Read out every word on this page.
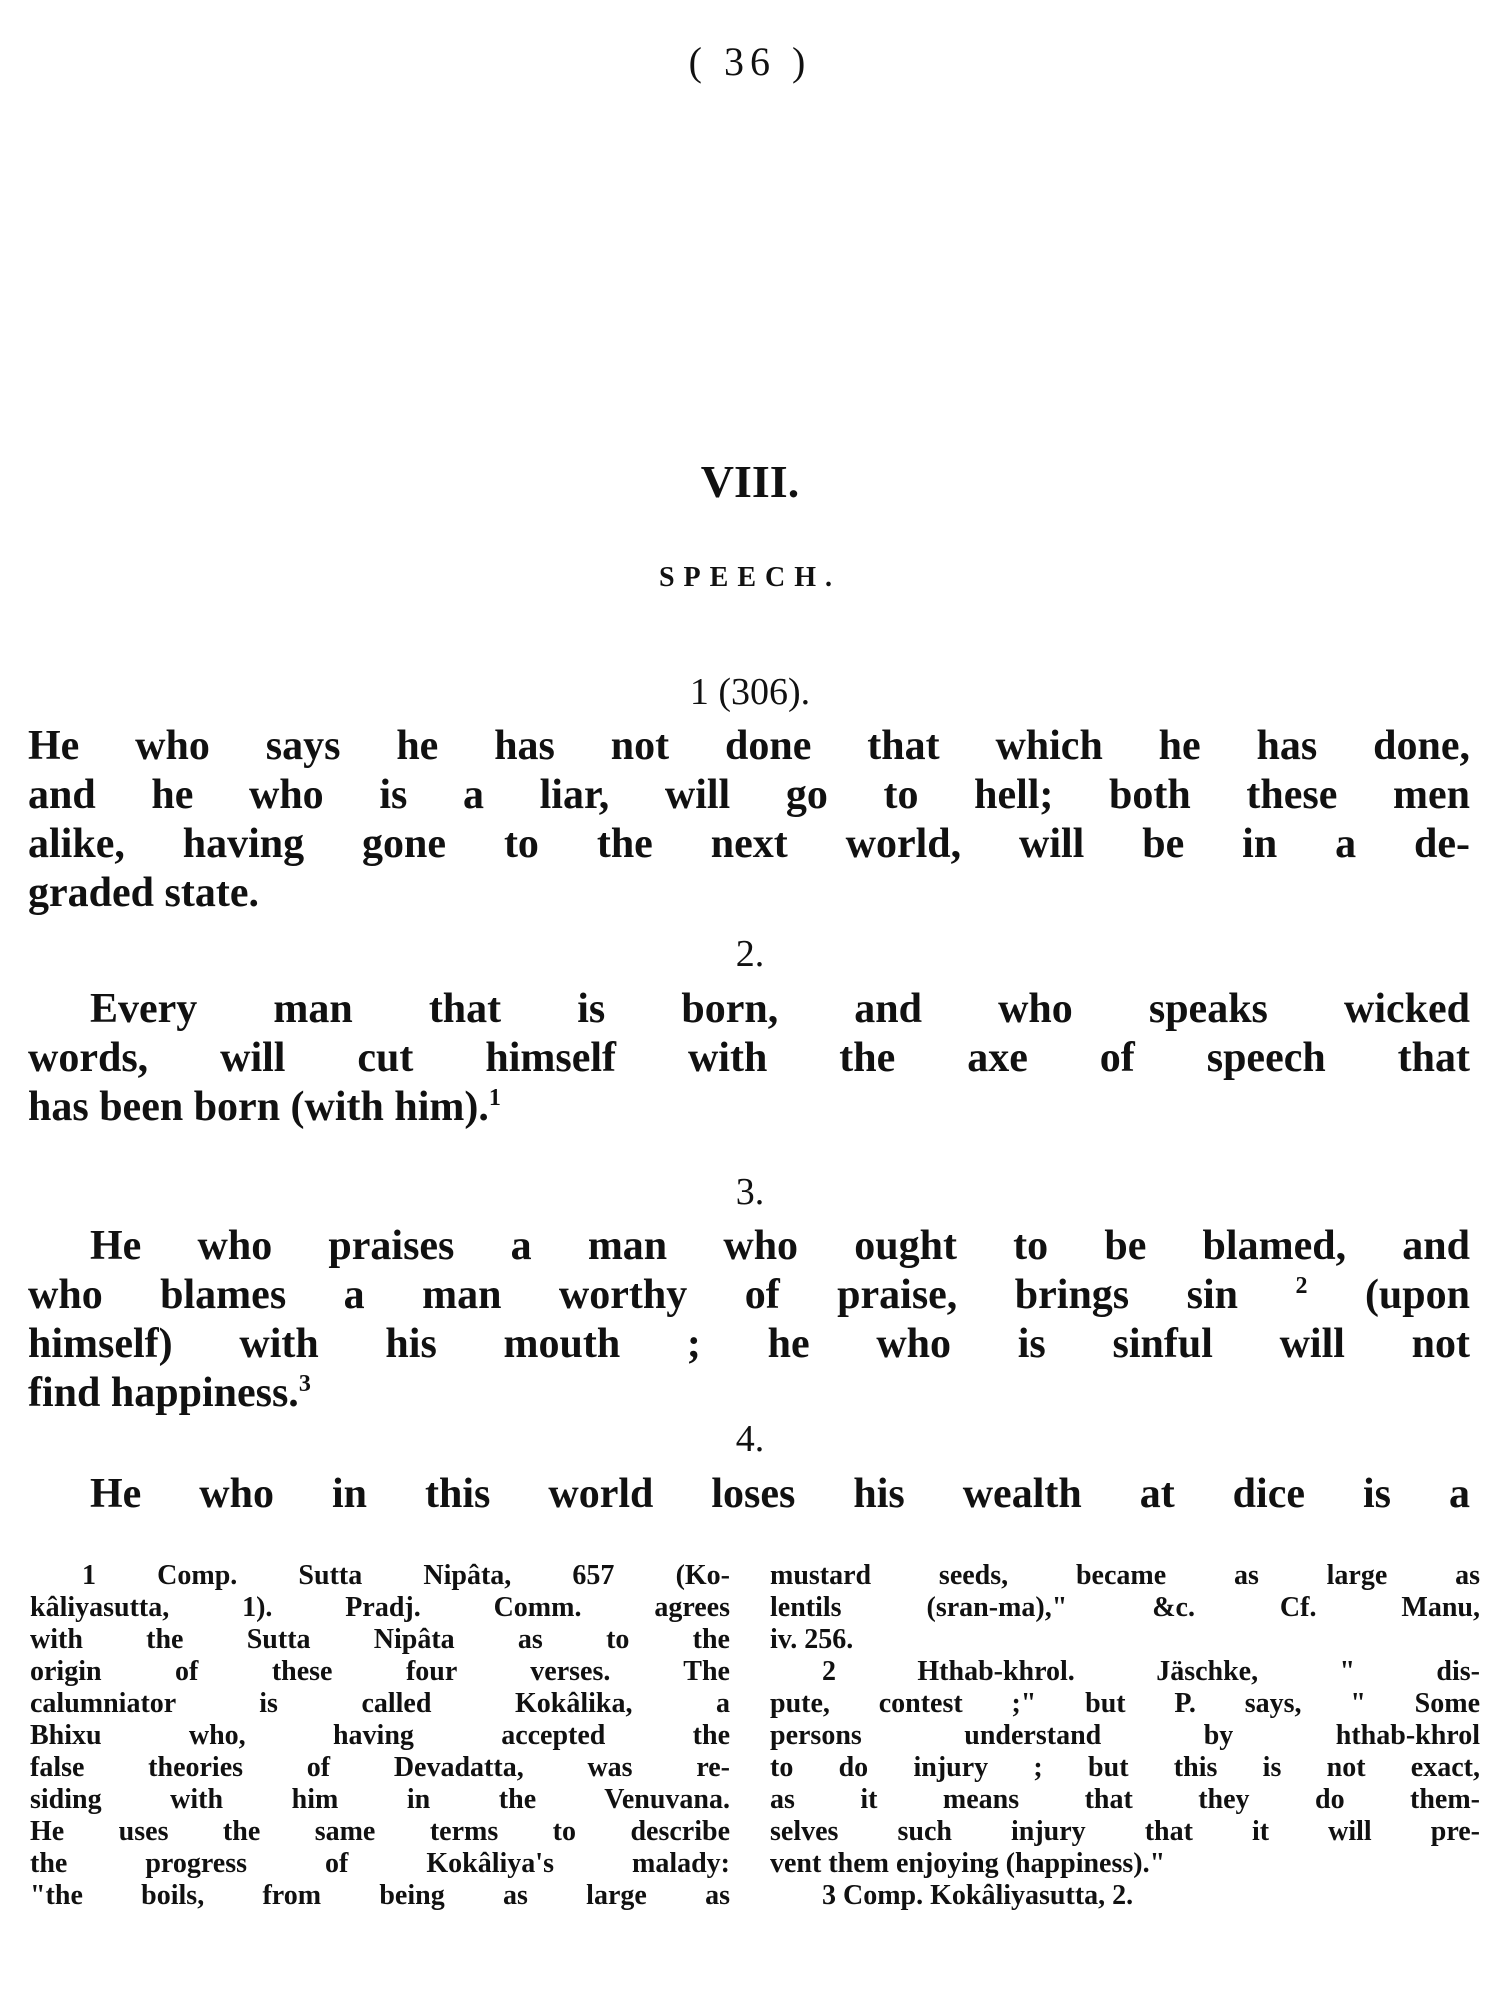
( 36 )
VIII.
SPEECH.
1 (306).

He who says he has not done that which he has done,

and he who is a liar, will go to hell; both these men

alike, having gone to the next world, will be in a de-

graded state.

2.

Every man that is born, and who speaks wicked

words, will cut himself with the axe of speech that

has been born (with him).$^1$

3.

He who praises a man who ought to be blamed, and

who blames a man worthy of praise, brings sin $^2$ (upon

himself) with his mouth ; he who is sinful will not

find happiness.$^3$

4.

He who in this world loses his wealth at dice is a

1 Comp. Sutta Nipâta, 657 (Ko-

kâliyasutta, 1). Pradj. Comm. agrees

with the Sutta Nipâta as to the

origin of these four verses. The

calumniator is called Kokâlika, a

Bhixu who, having accepted the

false theories of Devadatta, was re-

siding with him in the Venuvana.

He uses the same terms to describe

the progress of Kokâliya's malady:

"the boils, from being as large as

mustard seeds, became as large as

lentils (sran-ma)," &c. Cf. Manu,

iv. 256.

2 Hthab-khrol. Jäschke, " dis-

pute, contest ;" but P. says, " Some

persons understand by hthab-khrol

to do injury ; but this is not exact,

as it means that they do them-

selves such injury that it will pre-

vent them enjoying (happiness)."

3 Comp. Kokâliyasutta, 2.
